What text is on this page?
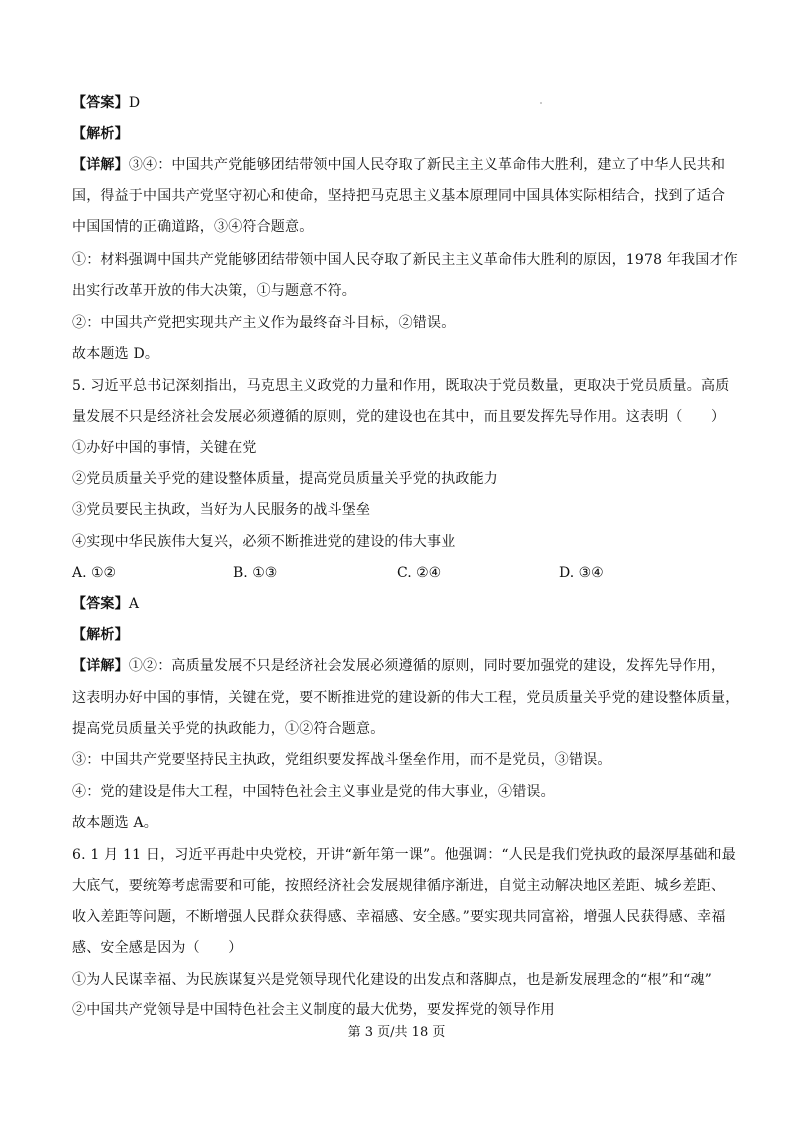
【答案】D
【解析】
【详解】③④：中国共产党能够团结带领中国人民夺取了新民主主义革命伟大胜利，建立了中华人民共和
国，得益于中国共产党坚守初心和使命，坚持把马克思主义基本原理同中国具体实际相结合，找到了适合
中国国情的正确道路，③④符合题意。
①：材料强调中国共产党能够团结带领中国人民夺取了新民主主义革命伟大胜利的原因，1978 年我国才作
出实行改革开放的伟大决策，①与题意不符。
②：中国共产党把实现共产主义作为最终奋斗目标，②错误。
故本题选 D。
5. 习近平总书记深刻指出，马克思主义政党的力量和作用，既取决于党员数量，更取决于党员质量。高质
量发展不只是经济社会发展必须遵循的原则，党的建设也在其中，而且要发挥先导作用。这表明（　　）
①办好中国的事情，关键在党
②党员质量关乎党的建设整体质量，提高党员质量关乎党的执政能力
③党员要民主执政，当好为人民服务的战斗堡垒
④实现中华民族伟大复兴，必须不断推进党的建设的伟大事业
A. ①②	B. ①③	C. ②④	D. ③④
【答案】A
【解析】
【详解】①②：高质量发展不只是经济社会发展必须遵循的原则，同时要加强党的建设，发挥先导作用，
这表明办好中国的事情，关键在党，要不断推进党的建设新的伟大工程，党员质量关乎党的建设整体质量，
提高党员质量关乎党的执政能力，①②符合题意。
③：中国共产党要坚持民主执政，党组织要发挥战斗堡垒作用，而不是党员，③错误。
④：党的建设是伟大工程，中国特色社会主义事业是党的伟大事业，④错误。
故本题选 A。
6. 1 月 11 日，习近平再赴中央党校，开讲“新年第一课”。他强调：“人民是我们党执政的最深厚基础和最
大底气，要统筹考虑需要和可能，按照经济社会发展规律循序渐进，自觉主动解决地区差距、城乡差距、
收入差距等问题，不断增强人民群众获得感、幸福感、安全感。”要实现共同富裕，增强人民获得感、幸福
感、安全感是因为（　　）
①为人民谋幸福、为民族谋复兴是党领导现代化建设的出发点和落脚点，也是新发展理念的“根”和“魂”
②中国共产党领导是中国特色社会主义制度的最大优势，要发挥党的领导作用
第 3 页/共 18 页
